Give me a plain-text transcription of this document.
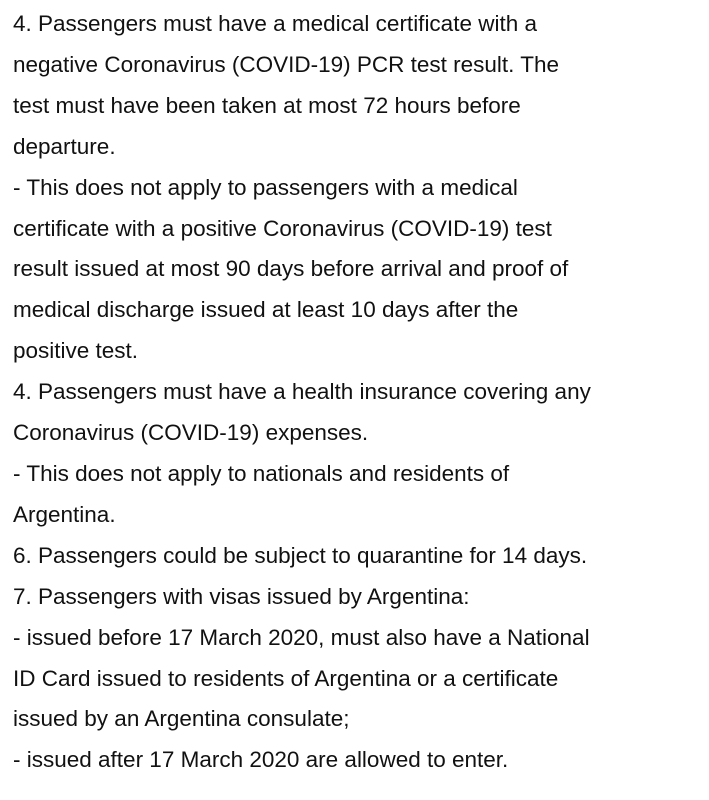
4. Passengers must have a medical certificate with a
negative Coronavirus (COVID-19) PCR test result. The
test must have been taken at most 72 hours before
departure.
- This does not apply to passengers with a medical
certificate with a positive Coronavirus (COVID-19) test
result issued at most 90 days before arrival and proof of
medical discharge issued at least 10 days after the
positive test.
4. Passengers must have a health insurance covering any
Coronavirus (COVID-19) expenses.
- This does not apply to nationals and residents of
Argentina.
6. Passengers could be subject to quarantine for 14 days.
7. Passengers with visas issued by Argentina:
- issued before 17 March 2020, must also have a National
ID Card issued to residents of Argentina or a certificate
issued by an Argentina consulate;
- issued after 17 March 2020 are allowed to enter.
